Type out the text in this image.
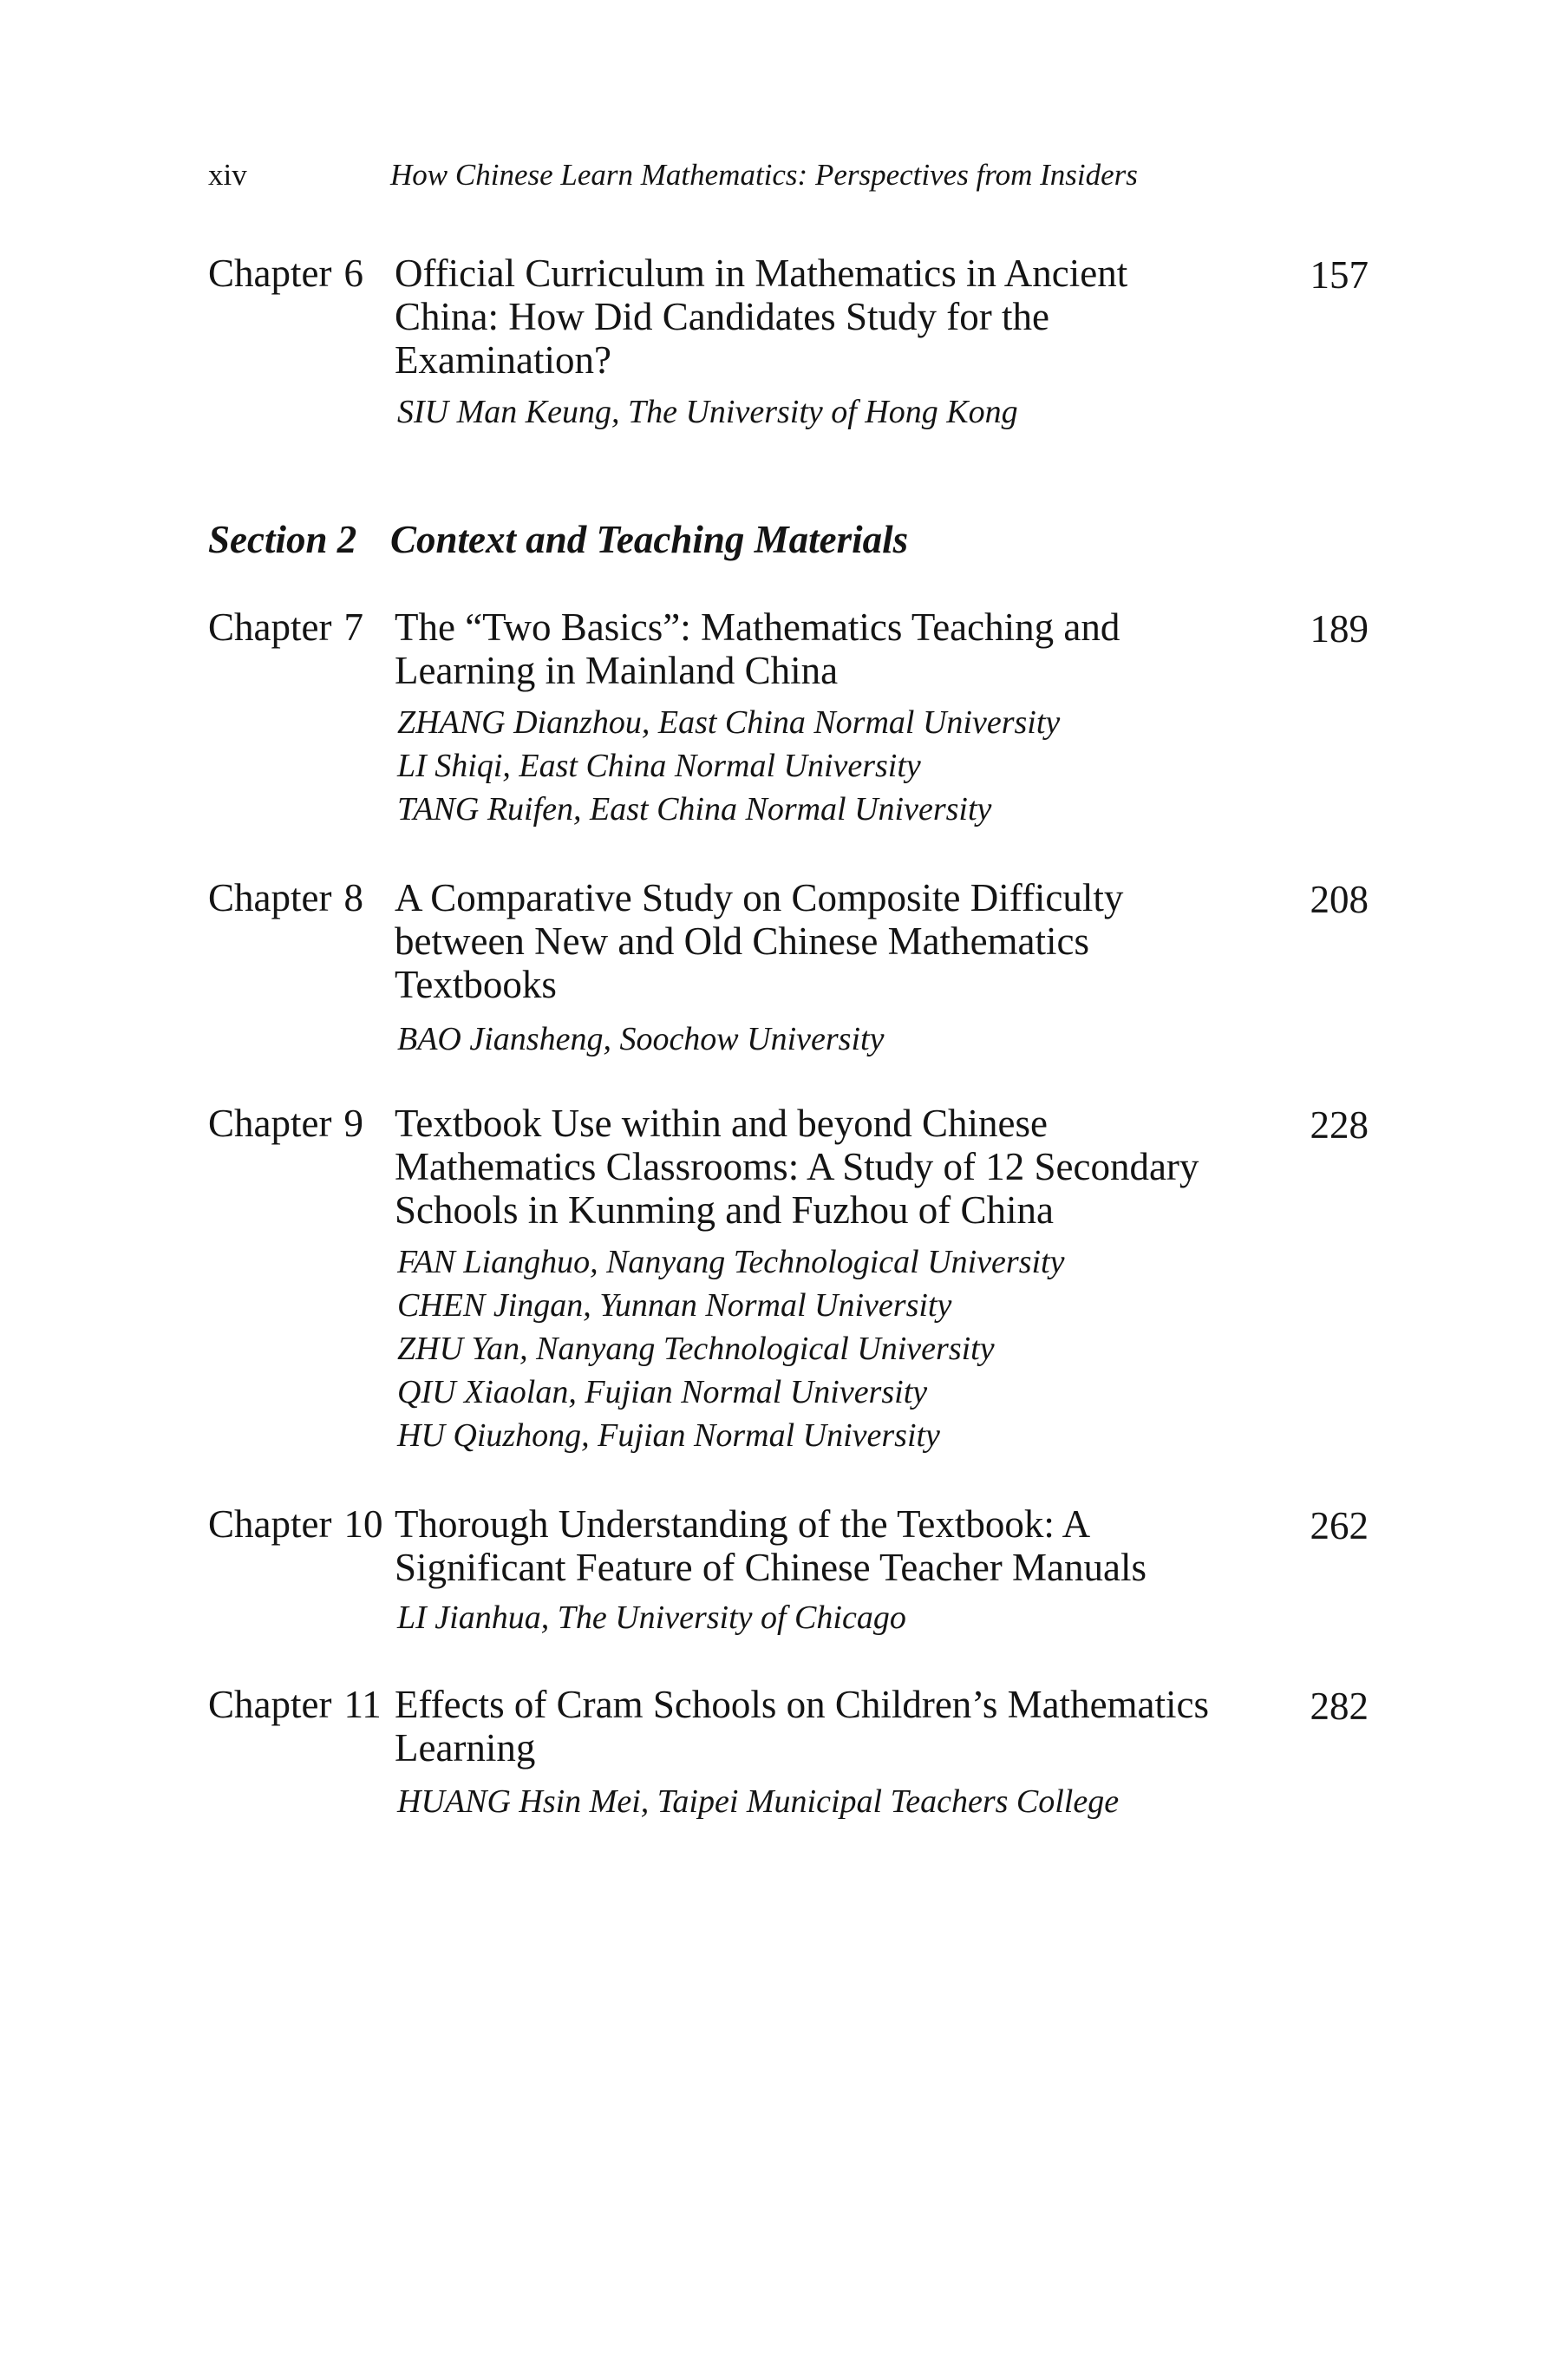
xiv	How Chinese Learn Mathematics: Perspectives from Insiders
Chapter 6 Official Curriculum in Mathematics in Ancient
China: How Did Candidates Study for the
Examination?
SIU Man Keung, The University of Hong Kong
157
Section 2 Context and Teaching Materials
Chapter 7 The “Two Basics”: Mathematics Teaching and
Learning in Mainland China
ZHANG Dianzhou, East China Normal University
LI Shiqi, East China Normal University
TANG Ruifen, East China Normal University
189
Chapter 8 A Comparative Study on Composite Difficulty
between New and Old Chinese Mathematics
Textbooks
BAO Jiansheng, Soochow University
208
Chapter 9 Textbook Use within and beyond Chinese
Mathematics Classrooms: A Study of 12 Secondary
Schools in Kunming and Fuzhou of China
FAN Lianghuo, Nanyang Technological University
CHEN Jingan, Yunnan Normal University
ZHU Yan, Nanyang Technological University
QIU Xiaolan, Fujian Normal University
HU Qiuzhong, Fujian Normal University
228
Chapter 10 Thorough Understanding of the Textbook: A
Significant Feature of Chinese Teacher Manuals
LI Jianhua, The University of Chicago
262
Chapter 11 Effects of Cram Schools on Children’s Mathematics
Learning
HUANG Hsin Mei, Taipei Municipal Teachers College
282
